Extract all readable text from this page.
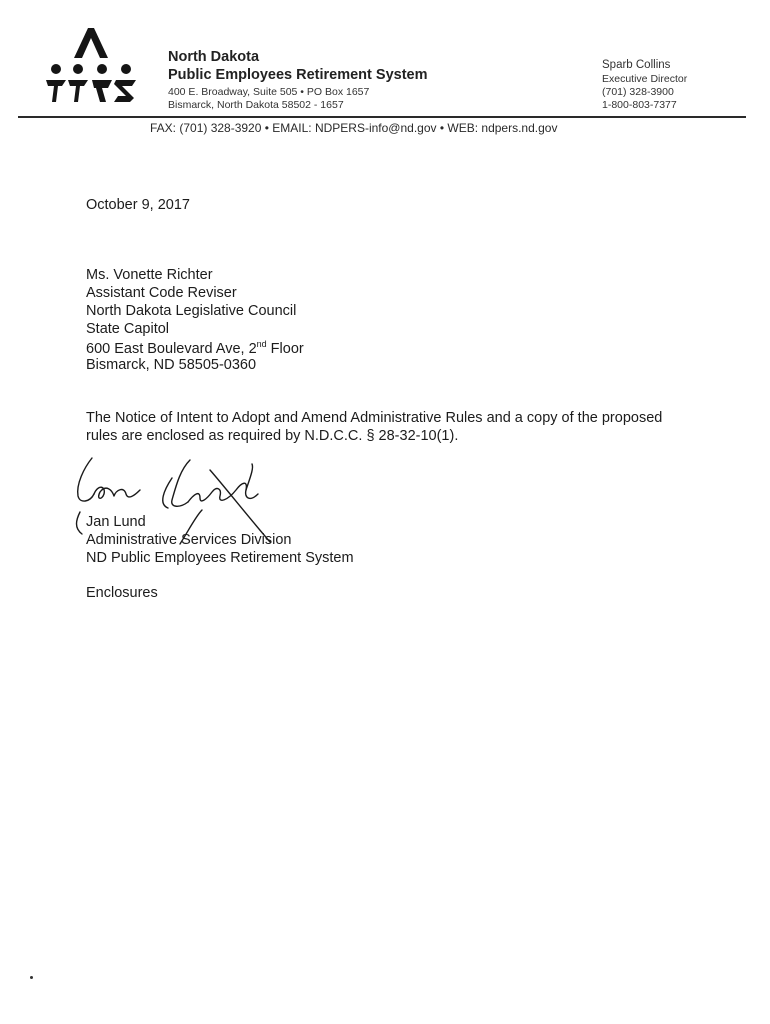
North Dakota
Public Employees Retirement System
400 E. Broadway, Suite 505 • PO Box 1657
Bismarck, North Dakota 58502 - 1657
Sparb Collins
Executive Director
(701) 328-3900
1-800-803-7377
FAX: (701) 328-3920 • EMAIL: NDPERS-info@nd.gov • WEB: ndpers.nd.gov
October 9, 2017
Ms. Vonette Richter
Assistant Code Reviser
North Dakota Legislative Council
State Capitol
600 East Boulevard Ave, 2nd Floor
Bismarck, ND 58505-0360
The Notice of Intent to Adopt and Amend Administrative Rules and a copy of the proposed
rules are enclosed as required by N.D.C.C. § 28-32-10(1).
Jan Lund
Administrative Services Division
ND Public Employees Retirement System
Enclosures
